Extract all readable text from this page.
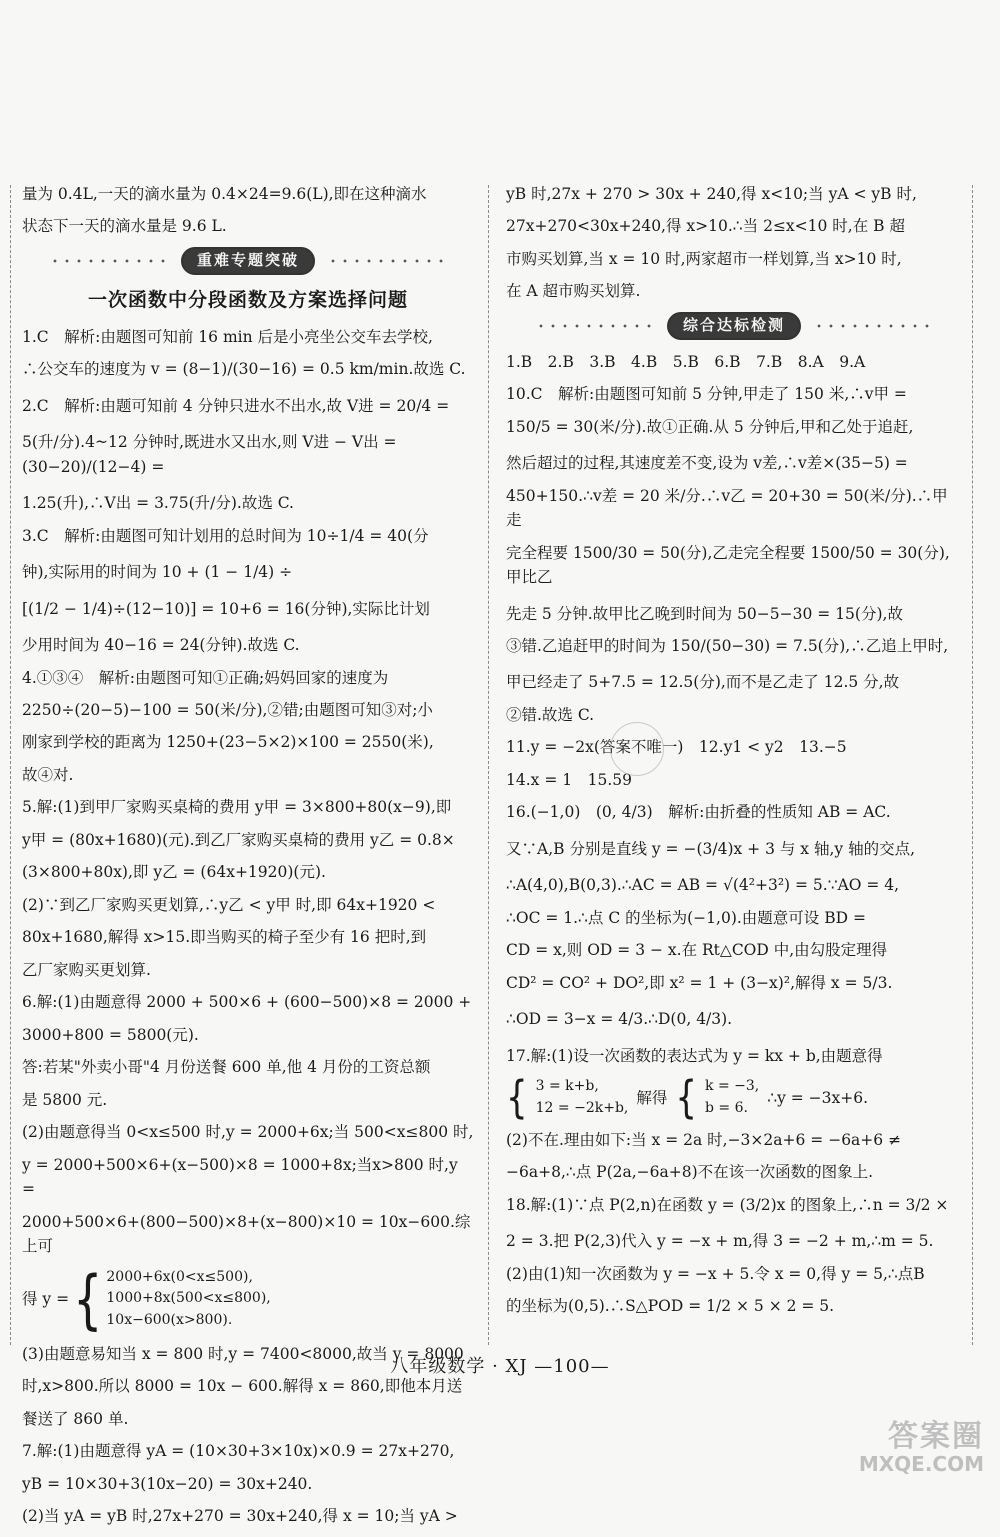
量为 0.4L,一天的滴水量为 0.4×24=9.6(L),即在这种滴水

状态下一天的滴水量是 9.6 L.

重难专题突破
一次函数中分段函数及方案选择问题

1.C　解析:由题图可知前 16 min 后是小亮坐公交车去学校,

∴公交车的速度为 v = (8−1)/(30−16) = 0.5 km/min.故选 C.

2.C　解析:由题可知前 4 分钟只进水不出水,故 V进 = 20/4 =

5(升/分).4~12 分钟时,既进水又出水,则 V进 − V出 = (30−20)/(12−4) =

1.25(升),∴V出 = 3.75(升/分).故选 C.

3.C　解析:由题图可知计划用的总时间为 10÷1/4 = 40(分

钟),实际用的时间为 10 + (1 − 1/4) ÷

[(1/2 − 1/4)÷(12−10)] = 10+6 = 16(分钟),实际比计划

少用时间为 40−16 = 24(分钟).故选 C.

4.①③④　解析:由题图可知①正确;妈妈回家的速度为

2250÷(20−5)−100 = 50(米/分),②错;由题图可知③对;小

刚家到学校的距离为 1250+(23−5×2)×100 = 2550(米),

故④对.

5.解:(1)到甲厂家购买桌椅的费用 y甲 = 3×800+80(x−9),即

y甲 = (80x+1680)(元).到乙厂家购买桌椅的费用 y乙 = 0.8×

(3×800+80x),即 y乙 = (64x+1920)(元).

(2)∵到乙厂家购买更划算,∴y乙 < y甲 时,即 64x+1920 <

80x+1680,解得 x>15.即当购买的椅子至少有 16 把时,到

乙厂家购买更划算.

6.解:(1)由题意得 2000 + 500×6 + (600−500)×8 = 2000 +

3000+800 = 5800(元).

答:若某"外卖小哥"4 月份送餐 600 单,他 4 月份的工资总额

是 5800 元.

(2)由题意得当 0<x≤500 时,y = 2000+6x;当 500<x≤800 时,

y = 2000+500×6+(x−500)×8 = 1000+8x;当x>800 时,y =

2000+500×6+(800−500)×8+(x−800)×10 = 10x−600.综上可

得 y = { 2000+6x(0<x≤500),
1000+8x(500<x≤800),
10x−600(x>800).

(3)由题意易知当 x = 800 时,y = 7400<8000,故当 y = 8000

时,x>800.所以 8000 = 10x − 600.解得 x = 860,即他本月送

餐送了 860 单.

7.解:(1)由题意得 yA = (10×30+3×10x)×0.9 = 27x+270,

yB = 10×30+3(10x−20) = 30x+240.

(2)当 yA = yB 时,27x+270 = 30x+240,得 x = 10;当 yA >

yB 时,27x + 270 > 30x + 240,得 x<10;当 yA < yB 时,

27x+270<30x+240,得 x>10.∴当 2≤x<10 时,在 B 超

市购买划算,当 x = 10 时,两家超市一样划算,当 x>10 时,

在 A 超市购买划算.

综合达标检测

1.B　2.B　3.B　4.B　5.B　6.B　7.B　8.A　9.A

10.C　解析:由题图可知前 5 分钟,甲走了 150 米,∴v甲 =

150/5 = 30(米/分).故①正确.从 5 分钟后,甲和乙处于追赶,

然后超过的过程,其速度差不变,设为 v差,∴v差×(35−5) =

450+150.∴v差 = 20 米/分.∴v乙 = 20+30 = 50(米/分).∴甲走

完全程要 1500/30 = 50(分),乙走完全程要 1500/50 = 30(分),甲比乙

先走 5 分钟.故甲比乙晚到时间为 50−5−30 = 15(分),故

③错.乙追赶甲的时间为 150/(50−30) = 7.5(分),∴乙追上甲时,

甲已经走了 5+7.5 = 12.5(分),而不是乙走了 12.5 分,故

②错.故选 C.

11.y = −2x(答案不唯一)　12.y1 < y2　13.−5

14.x = 1　15.59

16.(−1,0)　(0, 4/3)　解析:由折叠的性质知 AB = AC.

又∵A,B 分别是直线 y = −(3/4)x + 3 与 x 轴,y 轴的交点,

∴A(4,0),B(0,3).∴AC = AB = √(4²+3²) = 5.∵AO = 4,

∴OC = 1.∴点 C 的坐标为(−1,0).由题意可设 BD =

CD = x,则 OD = 3 − x.在 Rt△COD 中,由勾股定理得

CD² = CO² + DO²,即 x² = 1 + (3−x)²,解得 x = 5/3.

∴OD = 3−x = 4/3.∴D(0, 4/3).

17.解:(1)设一次函数的表达式为 y = kx + b,由题意得

{ 3 = k+b,
12 = −2k+b,
解得 { k = −3,
b = 6.
∴y = −3x+6.

(2)不在.理由如下:当 x = 2a 时,−3×2a+6 = −6a+6 ≠

−6a+8,∴点 P(2a,−6a+8)不在该一次函数的图象上.

18.解:(1)∵点 P(2,n)在函数 y = (3/2)x 的图象上,∴n = 3/2 ×

2 = 3.把 P(2,3)代入 y = −x + m,得 3 = −2 + m,∴m = 5.

(2)由(1)知一次函数为 y = −x + 5.令 x = 0,得 y = 5,∴点B

的坐标为(0,5).∴S△POD = 1/2 × 5 × 2 = 5.

八年级数学 · XJ —100—
答案圈
MXQE.COM
